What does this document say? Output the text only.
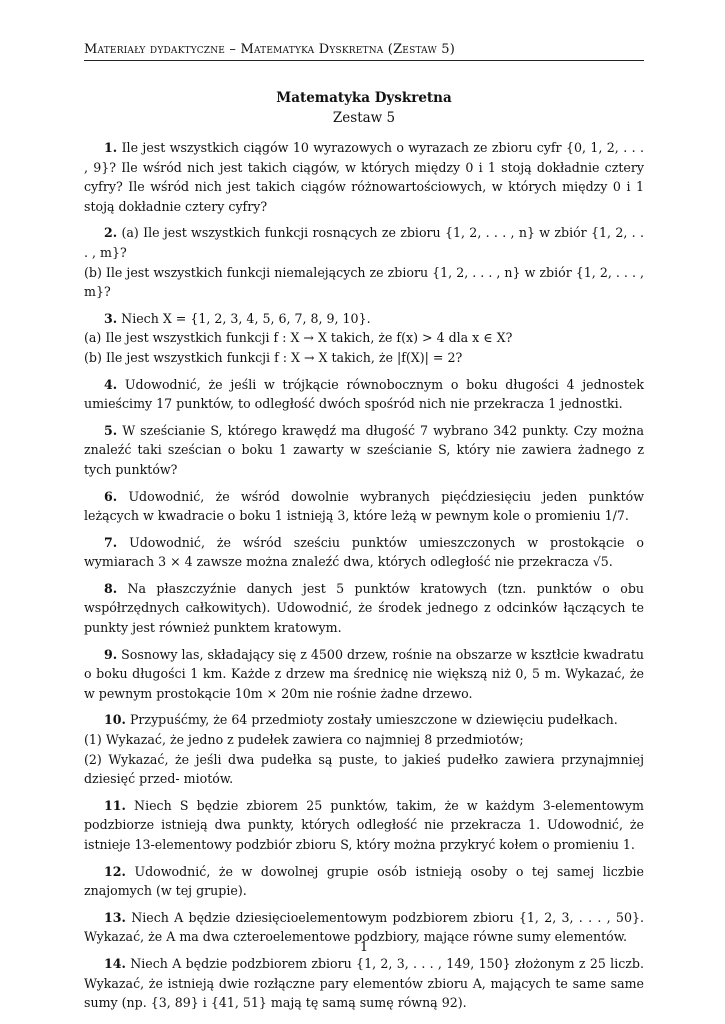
Materiały dydaktyczne – Matematyka Dyskretna (Zestaw 5)

Matematyka Dyskretna

Zestaw 5

1. Ile jest wszystkich ciągów 10 wyrazowych o wyrazach ze zbioru cyfr {0, 1, 2, . . . , 9}? Ile wśród nich jest takich ciągów, w których między 0 i 1 stoją dokładnie cztery cyfry? Ile wśród nich jest takich ciągów różnowartościowych, w których między 0 i 1 stoją dokładnie cztery cyfry?
2. (a) Ile jest wszystkich funkcji rosnących ze zbioru {1, 2, . . . , n} w zbiór {1, 2, . . . , m}?
(b) Ile jest wszystkich funkcji niemalejących ze zbioru {1, 2, . . . , n} w zbiór {1, 2, . . . , m}?
3. Niech X = {1, 2, 3, 4, 5, 6, 7, 8, 9, 10}.
(a) Ile jest wszystkich funkcji f : X → X takich, że f(x) > 4 dla x ∈ X?
(b) Ile jest wszystkich funkcji f : X → X takich, że |f(X)| = 2?
4. Udowodnić, że jeśli w trójkącie równobocznym o boku długości 4 jednostek umieścimy 17 punktów, to odległość dwóch spośród nich nie przekracza 1 jednostki.
5. W sześcianie S, którego krawędź ma długość 7 wybrano 342 punkty. Czy można znaleźć taki sześcian o boku 1 zawarty w sześcianie S, który nie zawiera żadnego z tych punktów?
6. Udowodnić, że wśród dowolnie wybranych pięćdziesięciu jeden punktów leżących w kwadracie o boku 1 istnieją 3, które leżą w pewnym kole o promieniu 1/7.
7. Udowodnić, że wśród sześciu punktów umieszczonych w prostokącie o wymiarach 3 × 4 zawsze można znaleźć dwa, których odległość nie przekracza √5.
8. Na płaszczyźnie danych jest 5 punktów kratowych (tzn. punktów o obu współrzędnych całkowitych). Udowodnić, że środek jednego z odcinków łączących te punkty jest również punktem kratowym.
9. Sosnowy las, składający się z 4500 drzew, rośnie na obszarze w ksztłcie kwadratu o boku długości 1 km. Każde z drzew ma średnicę nie większą niż 0, 5 m. Wykazać, że w pewnym prostokącie 10m × 20m nie rośnie żadne drzewo.
10. Przypuśćmy, że 64 przedmioty zostały umieszczone w dziewięciu pudełkach.
(1) Wykazać, że jedno z pudełek zawiera co najmniej 8 przedmiotów;
(2) Wykazać, że jeśli dwa pudełka są puste, to jakieś pudełko zawiera przynajmniej dziesięć przed- miotów.
11. Niech S będzie zbiorem 25 punktów, takim, że w każdym 3-elementowym podzbiorze istnieją dwa punkty, których odległość nie przekracza 1. Udowodnić, że istnieje 13-elementowy podzbiór zbioru S, który można przykryć kołem o promieniu 1.
12. Udowodnić, że w dowolnej grupie osób istnieją osoby o tej samej liczbie znajomych (w tej grupie).
13. Niech A będzie dziesięcioelementowym podzbiorem zbioru {1, 2, 3, . . . , 50}. Wykazać, że A ma dwa czteroelementowe podzbiory, mające równe sumy elementów.
14. Niech A będzie podzbiorem zbioru {1, 2, 3, . . . , 149, 150} złożonym z 25 liczb. Wykazać, że istnieją dwie rozłączne pary elementów zbioru A, mających te same same sumy (np. {3, 89} i {41, 51} mają tę samą sumę równą 92).
1
